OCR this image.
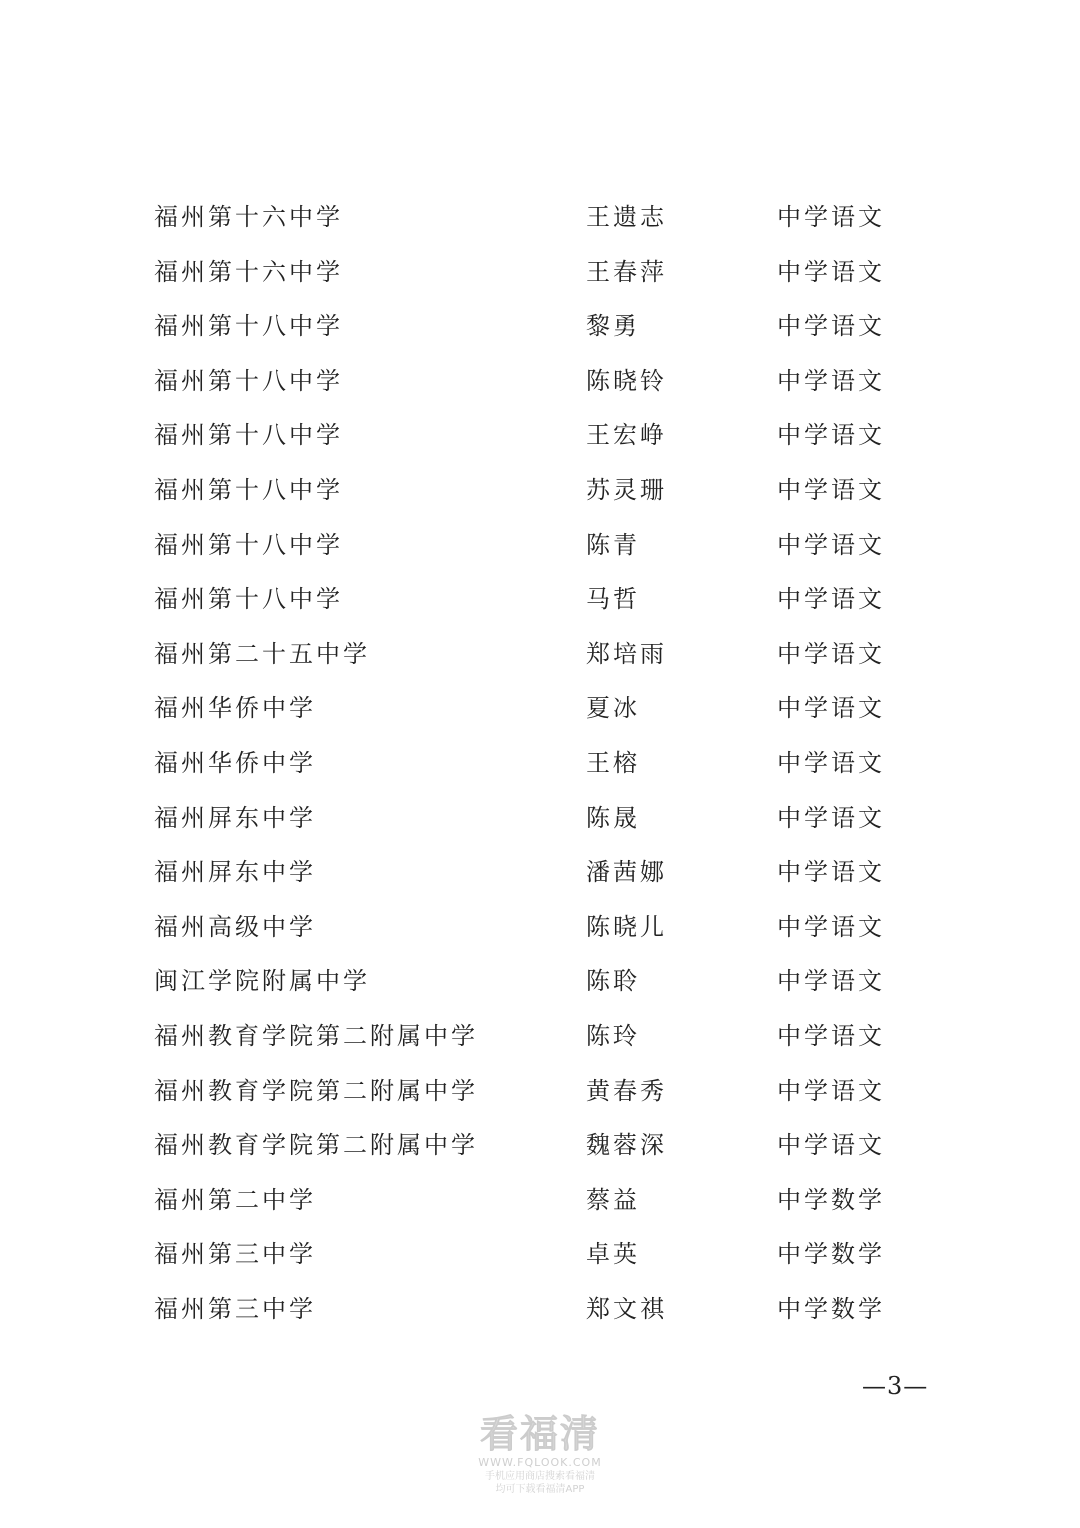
福州第十六中学	王遗志	中学语文
福州第十六中学	王春萍	中学语文
福州第十八中学	黎勇	中学语文
福州第十八中学	陈晓铃	中学语文
福州第十八中学	王宏峥	中学语文
福州第十八中学	苏灵珊	中学语文
福州第十八中学	陈青	中学语文
福州第十八中学	马哲	中学语文
福州第二十五中学	郑培雨	中学语文
福州华侨中学	夏冰	中学语文
福州华侨中学	王榕	中学语文
福州屏东中学	陈晟	中学语文
福州屏东中学	潘茜娜	中学语文
福州高级中学	陈晓儿	中学语文
闽江学院附属中学	陈聆	中学语文
福州教育学院第二附属中学	陈玲	中学语文
福州教育学院第二附属中学	黄春秀	中学语文
福州教育学院第二附属中学	魏蓉深	中学语文
福州第二中学	蔡益	中学数学
福州第三中学	卓英	中学数学
福州第三中学	郑文祺	中学数学
—3—
看福清
WWW.FQLOOK.COM
手机应用商店搜索看福清
均可下载看福清APP
